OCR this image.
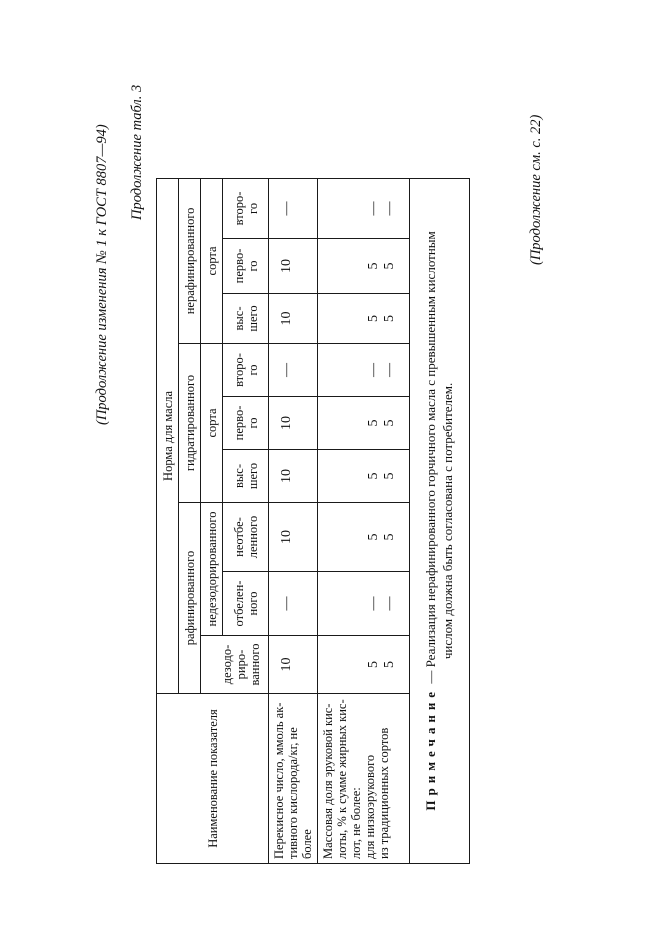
(Продолжение изменения № 1 к ГОСТ 8807—94) Продолжение табл. 3	(Продолжение см. с. 22)
Наименование показателя	Норма для масла									
	рафинированного			гидратированного			нерафинированного			

	дезодо- риро- ванного	недезодорированного		сорта			сорта			

		отбелен- ного	неотбе- ленного	выс- шего	перво- го	второ- го	выс- шего	перво- го	второ- го	

Перекисное число, ммоль ак- тивного кислорода/кг, не более	10	—	10	10	10	—	10	10	—	

Массовая доля эруковой кис- лоты, % к сумме жирных кис- лот, не более: для низкоэрукового из традиционных сортов	5 5	— —	5 5	5 5	5 5	— —	5 5	5 5	— —	

Примечание — Реализация нерафинированного горчичного масла с превышенным кислотным числом должна быть согласована с потребителем.										
